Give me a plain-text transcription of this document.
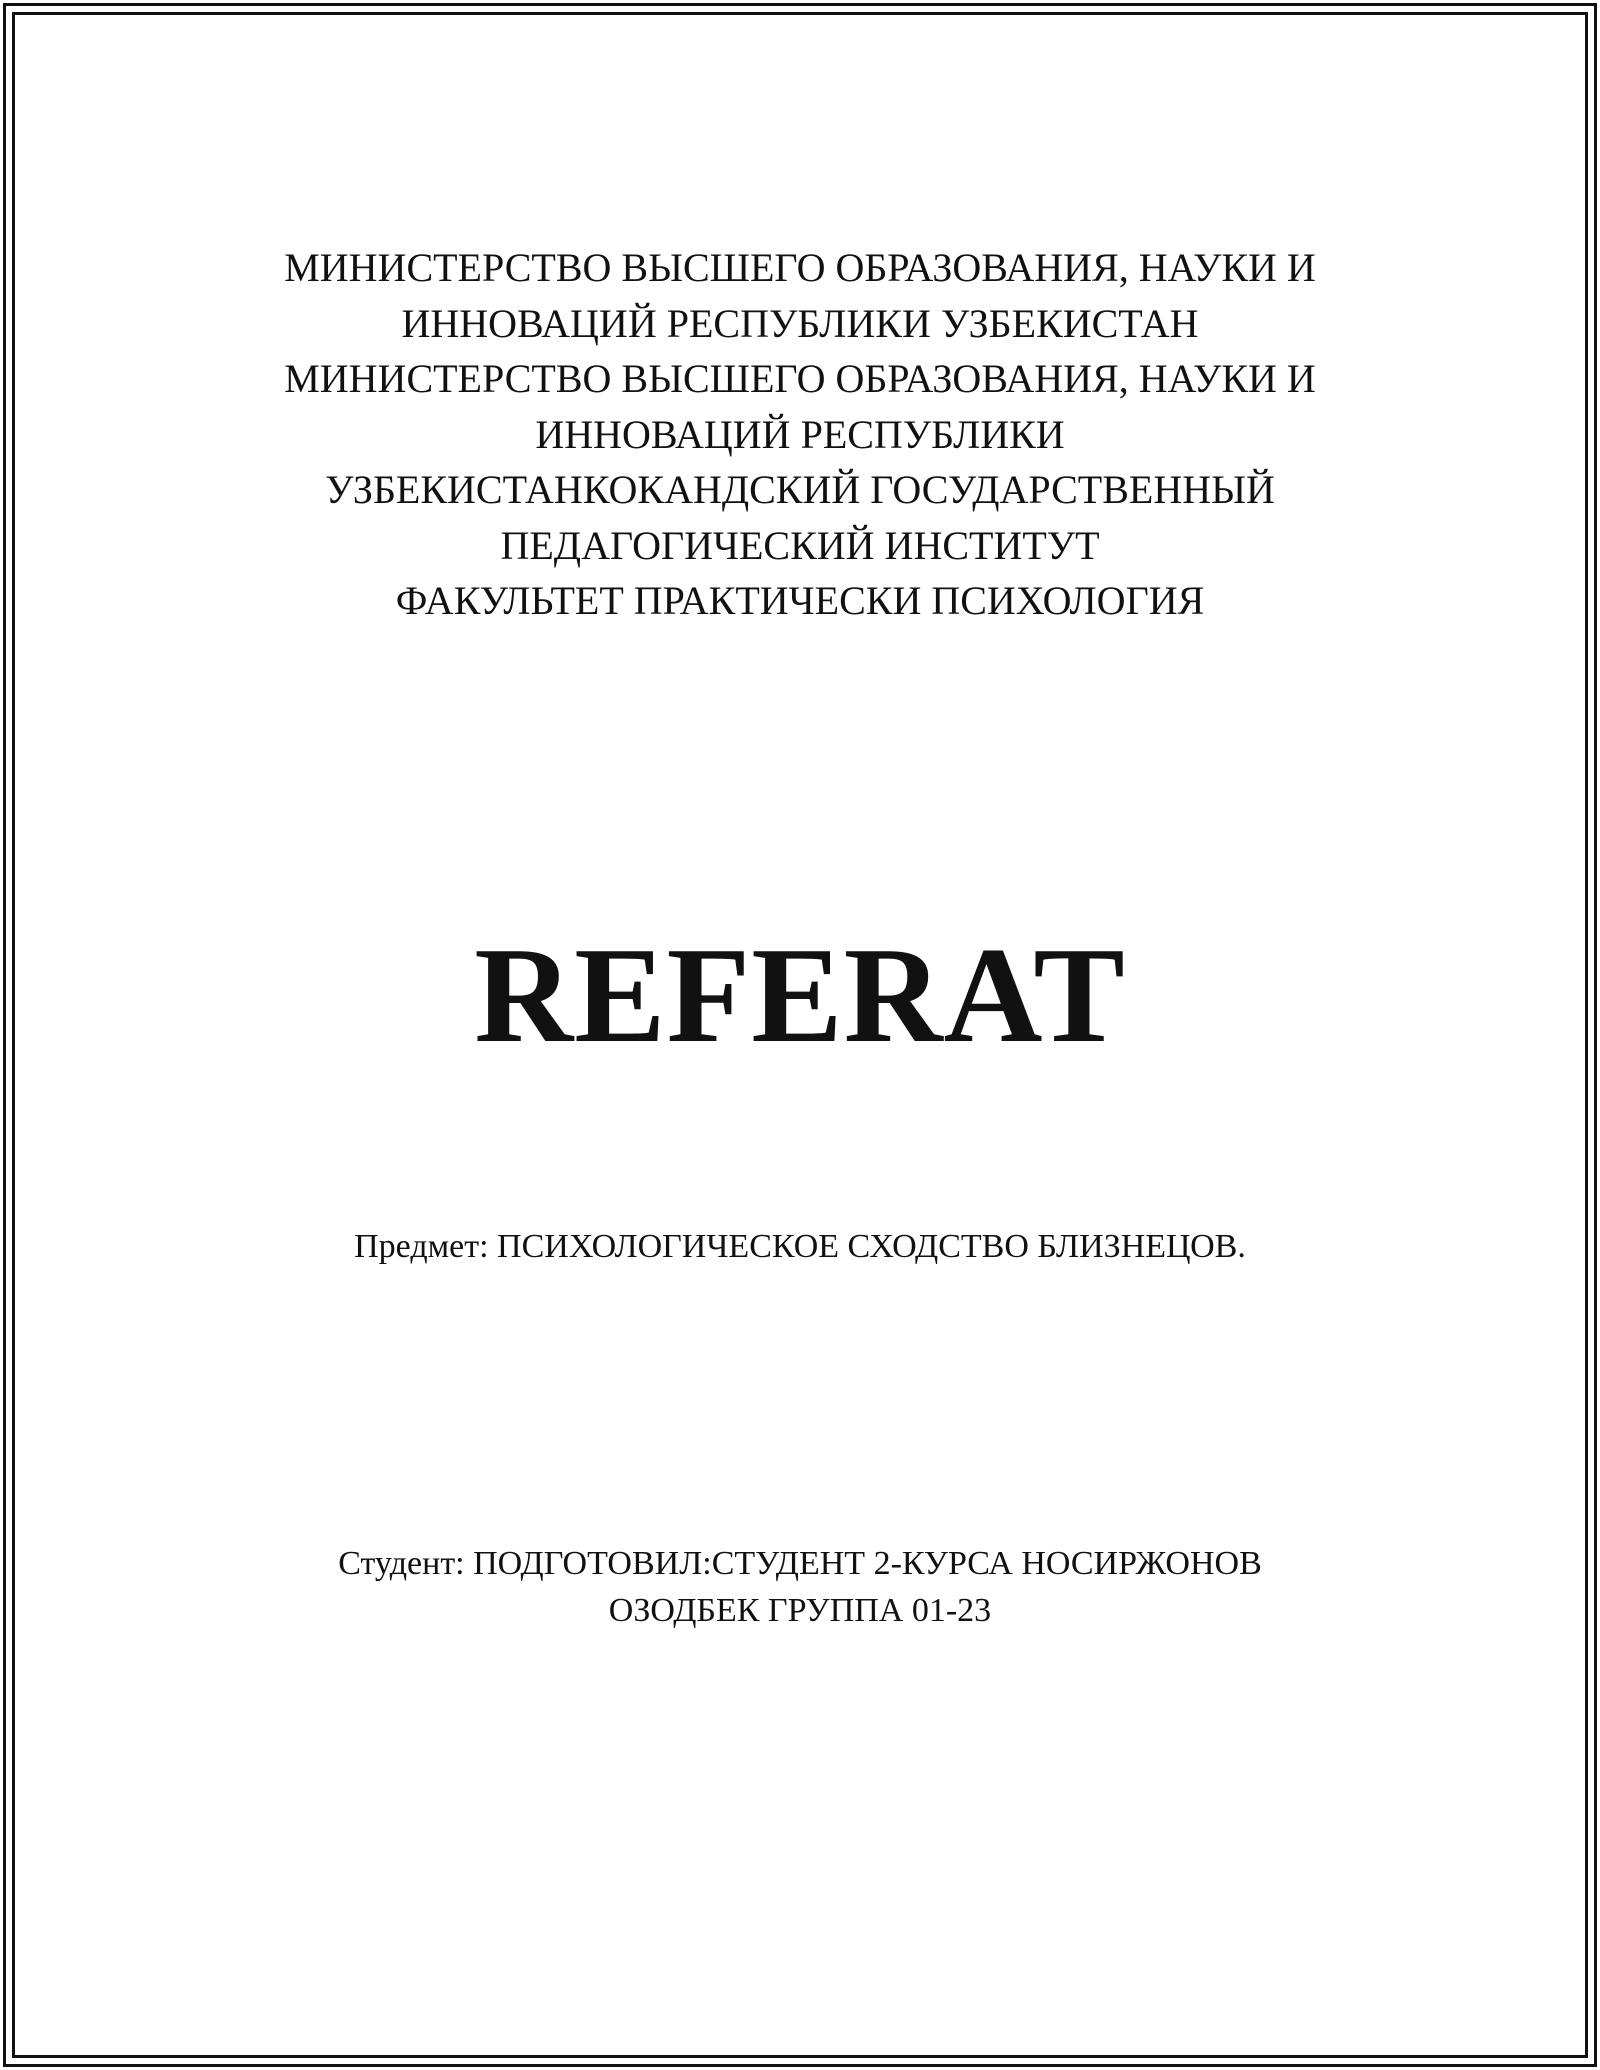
МИНИСТЕРСТВО ВЫСШЕГО ОБРАЗОВАНИЯ, НАУКИ И
ИННОВАЦИЙ РЕСПУБЛИКИ УЗБЕКИСТАН
МИНИСТЕРСТВО ВЫСШЕГО ОБРАЗОВАНИЯ, НАУКИ И
ИННОВАЦИЙ РЕСПУБЛИКИ
УЗБЕКИСТАНКОКАНДСКИЙ ГОСУДАРСТВЕННЫЙ
ПЕДАГОГИЧЕСКИЙ ИНСТИТУТ
ФАКУЛЬТЕТ ПРАКТИЧЕСКИ ПСИХОЛОГИЯ
REFERAT
Предмет: ПСИХОЛОГИЧЕСКОЕ СХОДСТВО БЛИЗНЕЦОВ.
Студент: ПОДГОТОВИЛ:СТУДЕНТ 2-КУРСА НОСИРЖОНОВ
ОЗОДБЕК ГРУППА 01-23
